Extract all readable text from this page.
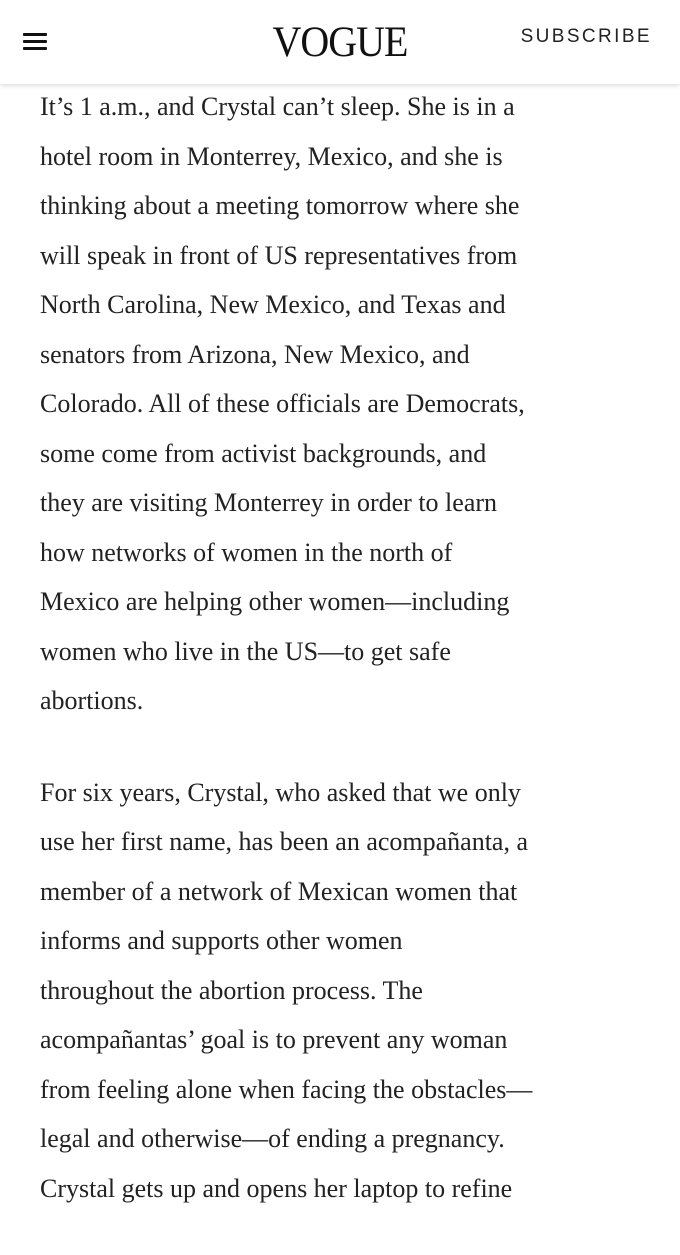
VOGUE	SUBSCRIBE

It’s 1 a.m., and Crystal can’t sleep. She is in a
hotel room in Monterrey, Mexico, and she is
thinking about a meeting tomorrow where she
will speak in front of US representatives from
North Carolina, New Mexico, and Texas and
senators from Arizona, New Mexico, and
Colorado. All of these officials are Democrats,
some come from activist backgrounds, and
they are visiting Monterrey in order to learn
how networks of women in the north of
Mexico are helping other women—including
women who live in the US—to get safe
abortions.

For six years, Crystal, who asked that we only
use her first name, has been an acompañanta, a
member of a network of Mexican women that
informs and supports other women
throughout the abortion process. The
acompañantas’ goal is to prevent any woman
from feeling alone when facing the obstacles—
legal and otherwise—of ending a pregnancy.
Crystal gets up and opens her laptop to refine
